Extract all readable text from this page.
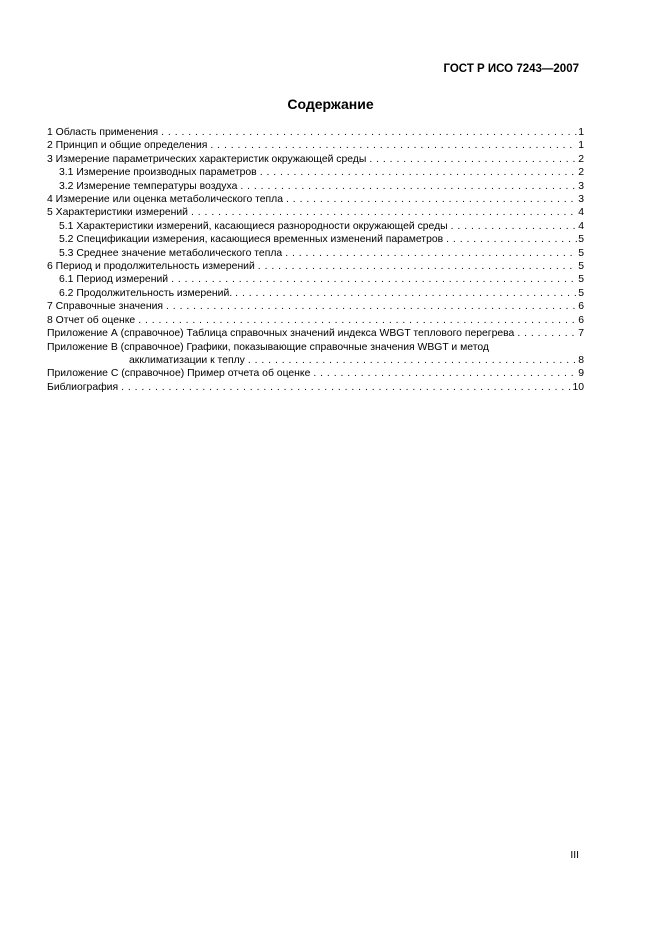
ГОСТ Р ИСО 7243—2007
Содержание
1 Область применения . . .	1
2 Принцип и общие определения . . .	1
3 Измерение параметрических характеристик окружающей среды . . .	2
3.1 Измерение производных параметров . . .	2
3.2 Измерение температуры воздуха . . .	3
4 Измерение или оценка метаболического тепла . . .	3
5 Характеристики измерений . . .	4
5.1 Характеристики измерений, касающиеся разнородности окружающей среды . . .	4
5.2 Спецификации измерения, касающиеся временных изменений параметров . . .	5
5.3 Среднее значение метаболического тепла . . .	5
6 Период и продолжительность измерений . . .	5
6.1 Период измерений . . .	5
6.2 Продолжительность измерений. . . .	5
7 Справочные значения . . .	6
8 Отчет об оценке . . .	6
Приложение А (справочное) Таблица справочных значений индекса WBGT теплового перегрева . . .	7
Приложение В (справочное) Графики, показывающие справочные значения WBGT и метод
акклиматизации к теплу . . .	8
Приложение С (справочное) Пример отчета об оценке . . .	9
Библиография . . .	10
III
